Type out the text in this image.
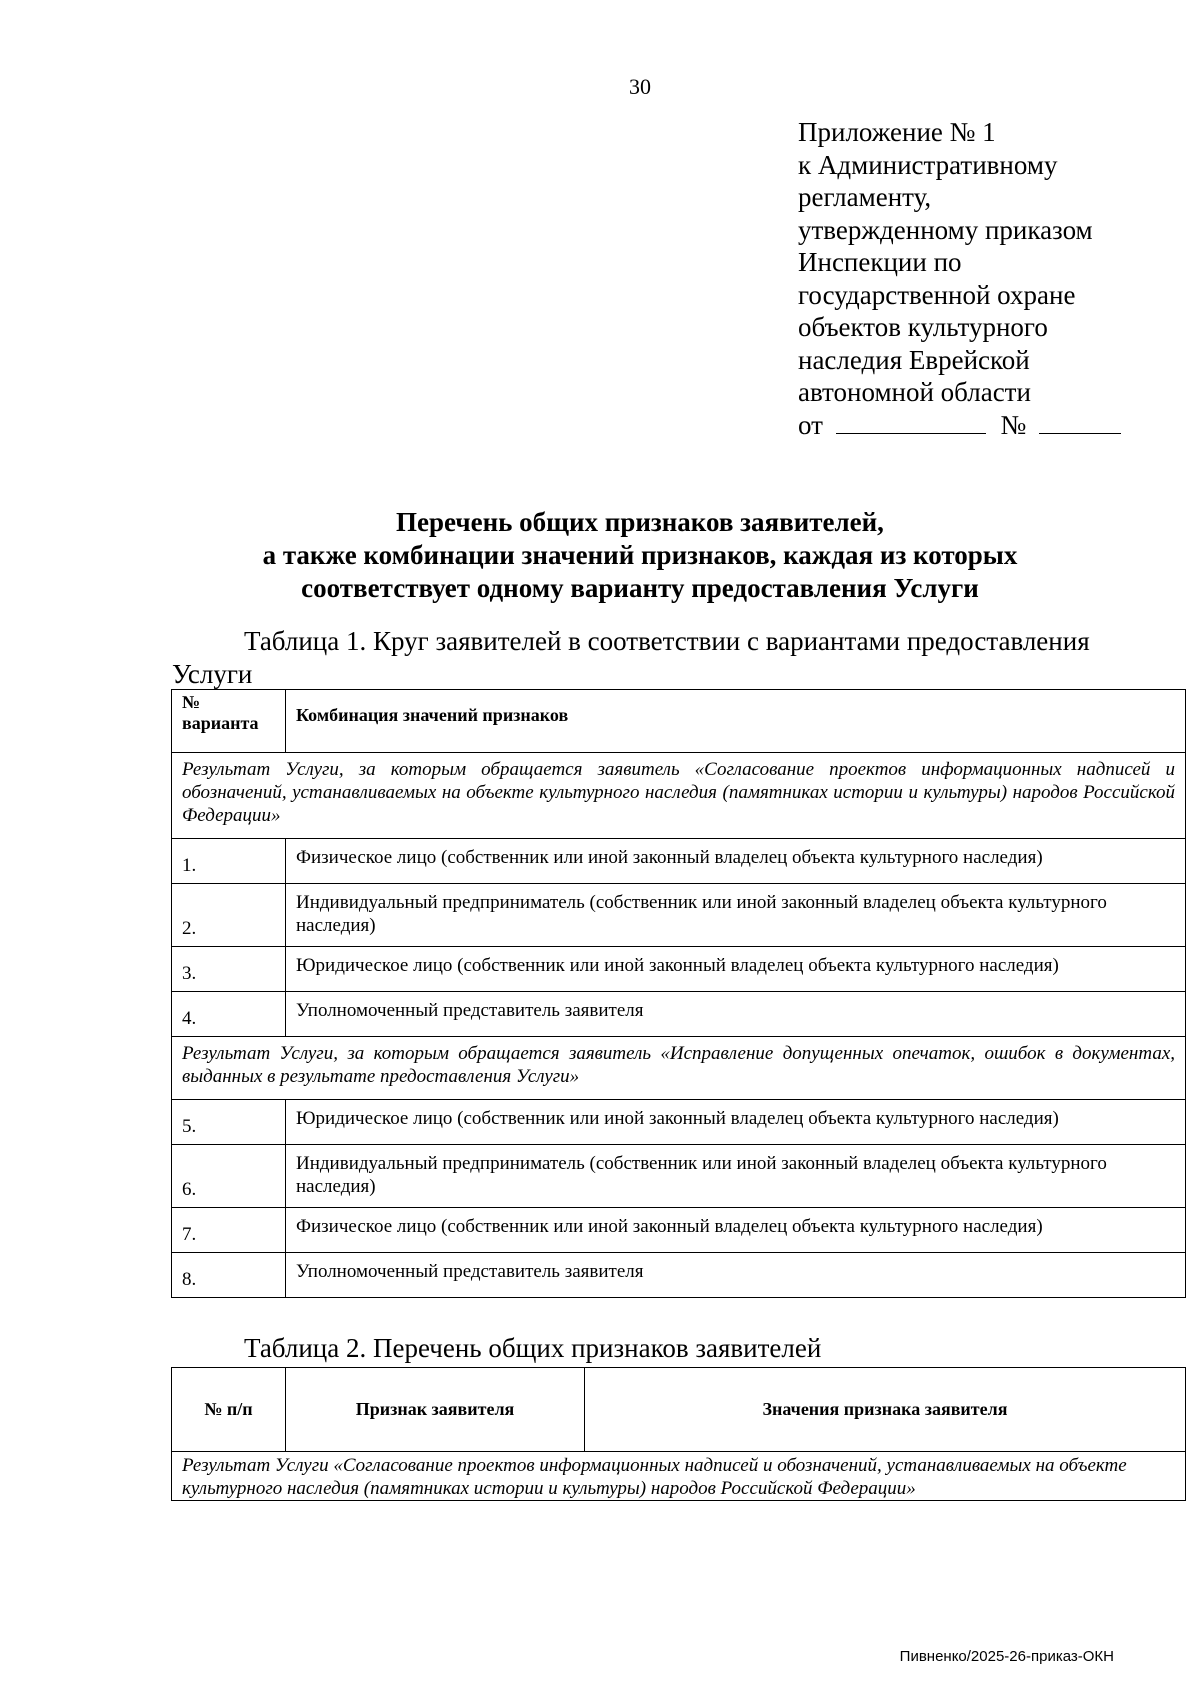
30
Приложение № 1
к Административному
регламенту,
утвержденному приказом
Инспекции по
государственной охране
объектов культурного
наследия Еврейской
автономной области
от	№
Перечень общих признаков заявителей,
а также комбинации значений признаков, каждая из которых
соответствует одному варианту предоставления Услуги
Таблица 1. Круг заявителей в соответствии с вариантами предоставления Услуги
№ варианта	Комбинация значений признаков
Результат Услуги, за которым обращается заявитель «Согласование проектов информационных надписей и обозначений, устанавливаемых на объекте культурного наследия (памятниках истории и культуры) народов Российской Федерации»	
1.	Физическое лицо (собственник или иной законный владелец объекта культурного наследия)
2.	Индивидуальный предприниматель (собственник или иной законный владелец объекта культурного наследия)
3.	Юридическое лицо (собственник или иной законный владелец объекта культурного наследия)
4.	Уполномоченный представитель заявителя
Результат Услуги, за которым обращается заявитель «Исправление допущенных опечаток, ошибок в документах, выданных в результате предоставления Услуги»	
5.	Юридическое лицо (собственник или иной законный владелец объекта культурного наследия)
6.	Индивидуальный предприниматель (собственник или иной законный владелец объекта культурного наследия)
7.	Физическое лицо (собственник или иной законный владелец объекта культурного наследия)
8.	Уполномоченный представитель заявителя
Таблица 2. Перечень общих признаков заявителей
№ п/п	Признак заявителя	Значения признака заявителя
Результат Услуги «Согласование проектов информационных надписей и обозначений, устанавливаемых на объекте культурного наследия (памятниках истории и культуры) народов Российской Федерации»
Пивненко/2025-26-приказ-ОКН
